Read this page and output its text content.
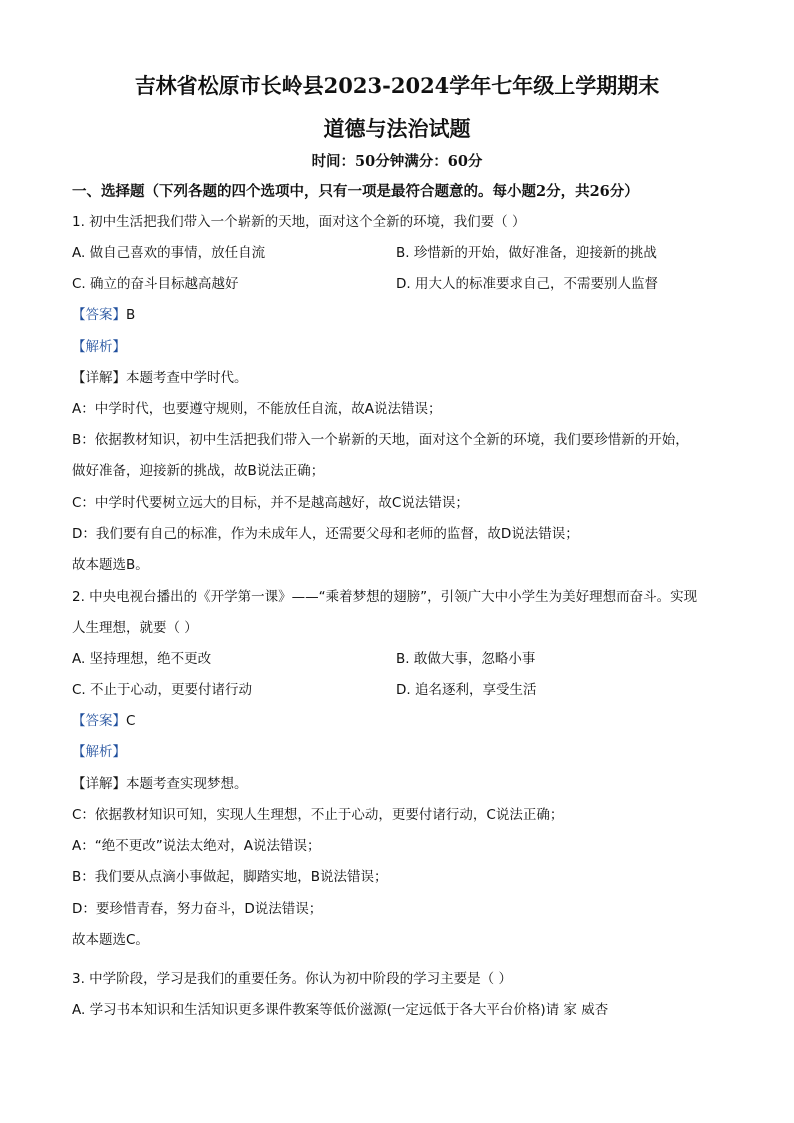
吉林省松原市长岭县2023-2024学年七年级上学期期末
道德与法治试题
时间：50分钟满分：60分
一、选择题（下列各题的四个选项中，只有一项是最符合题意的。每小题2分，共26分）
1. 初中生活把我们带入一个崭新的天地，面对这个全新的环境，我们要（ ）
A. 做自己喜欢的事情，放任自流	B. 珍惜新的开始，做好准备，迎接新的挑战
C. 确立的奋斗目标越高越好	D. 用大人的标准要求自己，不需要别人监督
【答案】B
【解析】
【详解】本题考查中学时代。
A：中学时代，也要遵守规则，不能放任自流，故A说法错误；
B：依据教材知识，初中生活把我们带入一个崭新的天地，面对这个全新的环境，我们要珍惜新的开始，
做好准备，迎接新的挑战，故B说法正确；
C：中学时代要树立远大的目标，并不是越高越好，故C说法错误；
D：我们要有自己的标准，作为未成年人，还需要父母和老师的监督，故D说法错误；
故本题选B。
2. 中央电视台播出的《开学第一课》——“乘着梦想的翅膀”，引领广大中小学生为美好理想而奋斗。实现
人生理想，就要（ ）
A. 坚持理想，绝不更改	B. 敢做大事，忽略小事
C. 不止于心动，更要付诸行动	D. 追名逐利，享受生活
【答案】C
【解析】
【详解】本题考查实现梦想。
C：依据教材知识可知，实现人生理想，不止于心动，更要付诸行动，C说法正确；
A：“绝不更改”说法太绝对，A说法错误；
B：我们要从点滴小事做起，脚踏实地，B说法错误；
D：要珍惜青春，努力奋斗，D说法错误；
故本题选C。
3. 中学阶段，学习是我们的重要任务。你认为初中阶段的学习主要是（ ）
A. 学习书本知识和生活知识更多课件教案等低价滋源(一定远低于各大平台价格)请 家 威杏
